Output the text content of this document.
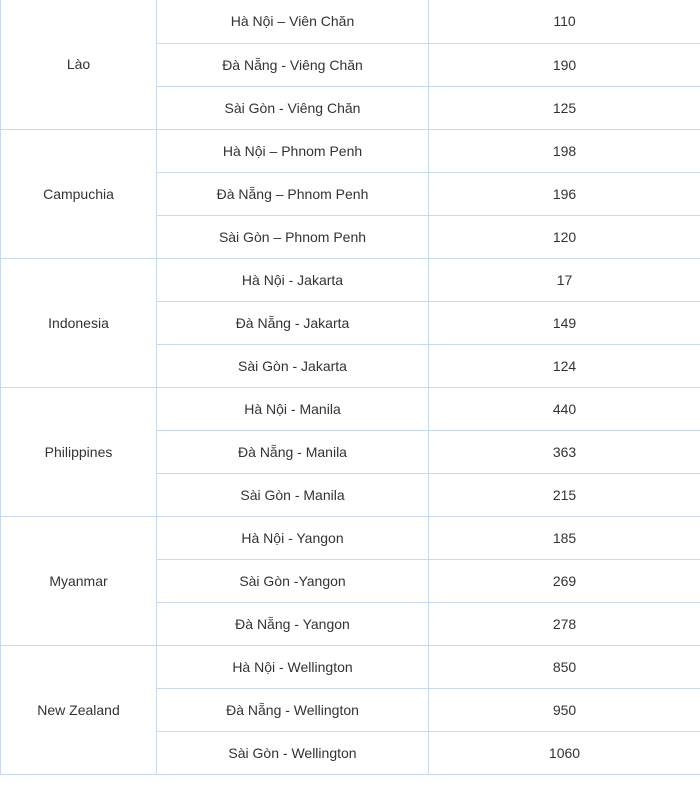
Lào	Hà Nội – Viên Chăn	110
	Đà Nẵng - Viêng Chăn	190
	Sài Gòn - Viêng Chăn	125
Campuchia	Hà Nội – Phnom Penh	198
	Đà Nẵng – Phnom Penh	196
	Sài Gòn – Phnom Penh	120
Indonesia	Hà Nội - Jakarta	17
	Đà Nẵng - Jakarta	149
	Sài Gòn - Jakarta	124
Philippines	Hà Nội - Manila	440
	Đà Nẵng - Manila	363
	Sài Gòn - Manila	215
Myanmar	Hà Nội - Yangon	185
	Sài Gòn -Yangon	269
	Đà Nẵng - Yangon	278
New Zealand	Hà Nội - Wellington	850
	Đà Nẵng - Wellington	950
	Sài Gòn - Wellington	1060
